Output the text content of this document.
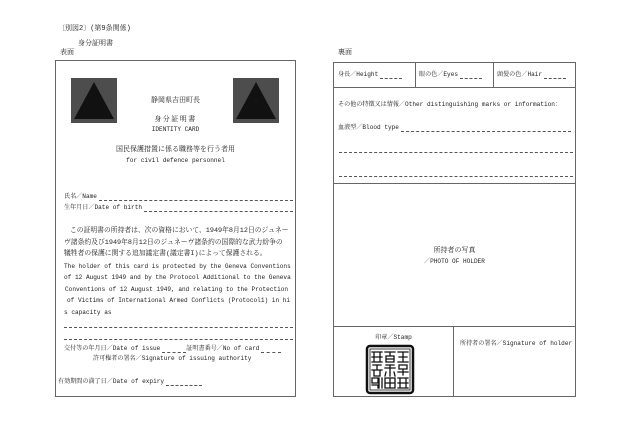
〔別図2〕(第9条関係)
身分証明書
表面	裏面
静岡県吉田町長
身分証明書
IDENTITY CARD
国民保護措置に係る職務等を行う者用
for civil defence personnel
氏名／Name
生年月日／Date of birth
この証明書の所持者は、次の資格において、1949年8月12日のジュネー
ヴ諸条約及び1949年8月12日のジュネーヴ諸条約の国際的な武力紛争の
犠牲者の保護に関する追加議定書(議定書I)によって保護される。
The holder of this card is protected by the Geneva Conventions
of 12 August 1949 and by the Protocol Additional to the Geneva
Conventions of 12 August 1949, and relating to the Protection
of Victims of International Armed Conflicts (Protocol1) in hi
s capacity as
交付等の年月日／Date of issue	証明書番号／No of card
許可権者の署名／Signature of issuing authority
有効期間の満了日／Date of expiry
身長／Height	眼の色／Eyes	頭髪の色／Hair
その他の特徴又は情報／Other distinguishing marks or information：
血液型／Blood type
所持者の写真
／PHOTO OF HOLDER
印章／Stamp
所持者の署名／Signature of holder
